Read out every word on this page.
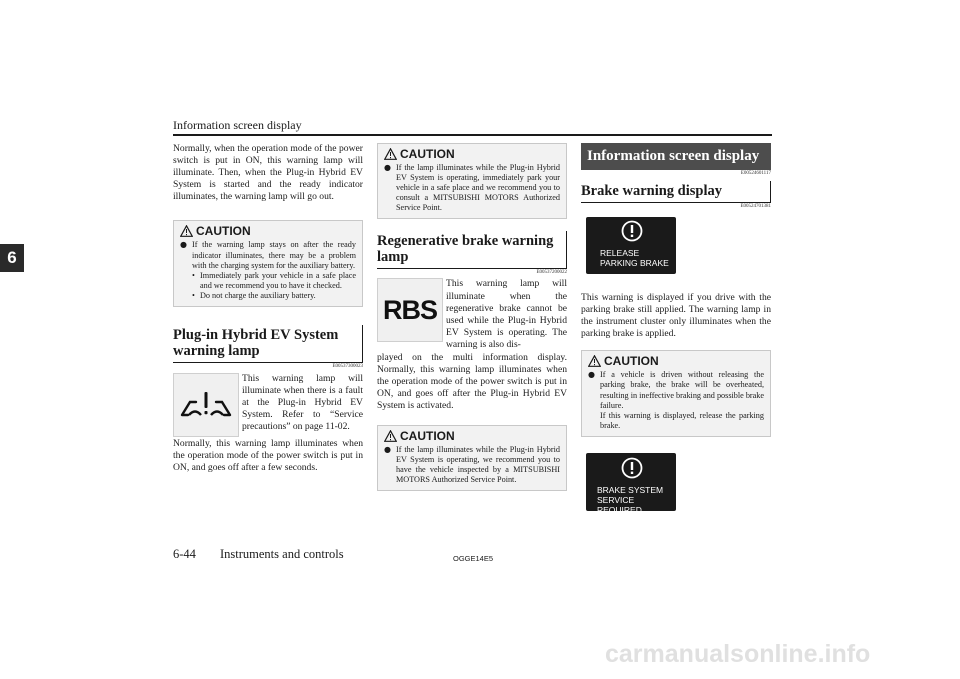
Information screen display
6

Normally, when the operation mode of the power switch is put in ON, this warning lamp will illuminate. Then, when the Plug-in Hybrid EV System is started and the ready indicator illuminates, the warning lamp will go out.

CAUTION
● If the warning lamp stays on after the ready indicator illuminates, there may be a problem with the charging system for the auxiliary battery.
• Immediately park your vehicle in a safe place and we recommend you to have it checked.
• Do not charge the auxiliary battery.
Plug-in Hybrid EV System warning lamp
E00537300023

This warning lamp will illuminate when there is a fault at the Plug-in Hybrid EV System. Refer to “Service precautions” on page 11-02.

Normally, this warning lamp illuminates when the operation mode of the power switch is put in ON, and goes off after a few seconds.

CAUTION
● If the lamp illuminates while the Plug-in Hybrid EV System is operating, immediately park your vehicle in a safe place and we recommend you to consult a MITSUBISHI MOTORS Authorized Service Point.
Regenerative brake warning lamp
E00537200022
RBS

This warning lamp will illuminate when the regenerative brake cannot be used while the Plug-in Hybrid EV System is operating. The warning is also dis-

played on the multi information display. Normally, this warning lamp illuminates when the operation mode of the power switch is put in ON, and goes off after the Plug-in Hybrid EV System is activated.

CAUTION
● If the lamp illuminates while the Plug-in Hybrid EV System is operating, we recommend you to have the vehicle inspected by a MITSUBISHI MOTORS Authorized Service Point.
Information screen display
E00524601117
Brake warning display
E00524701381
RELEASE
PARKING BRAKE

This warning is displayed if you drive with the parking brake still applied. The warning lamp in the instrument cluster only illuminates when the parking brake is applied.

CAUTION
● If a vehicle is driven without releasing the parking brake, the brake will be overheated, resulting in ineffective braking and possible brake failure.
If this warning is displayed, release the parking brake.
BRAKE SYSTEM
SERVICE REQUIRED
6-44 Instruments and controls	OGGE14E5
carmanualsonline.info
